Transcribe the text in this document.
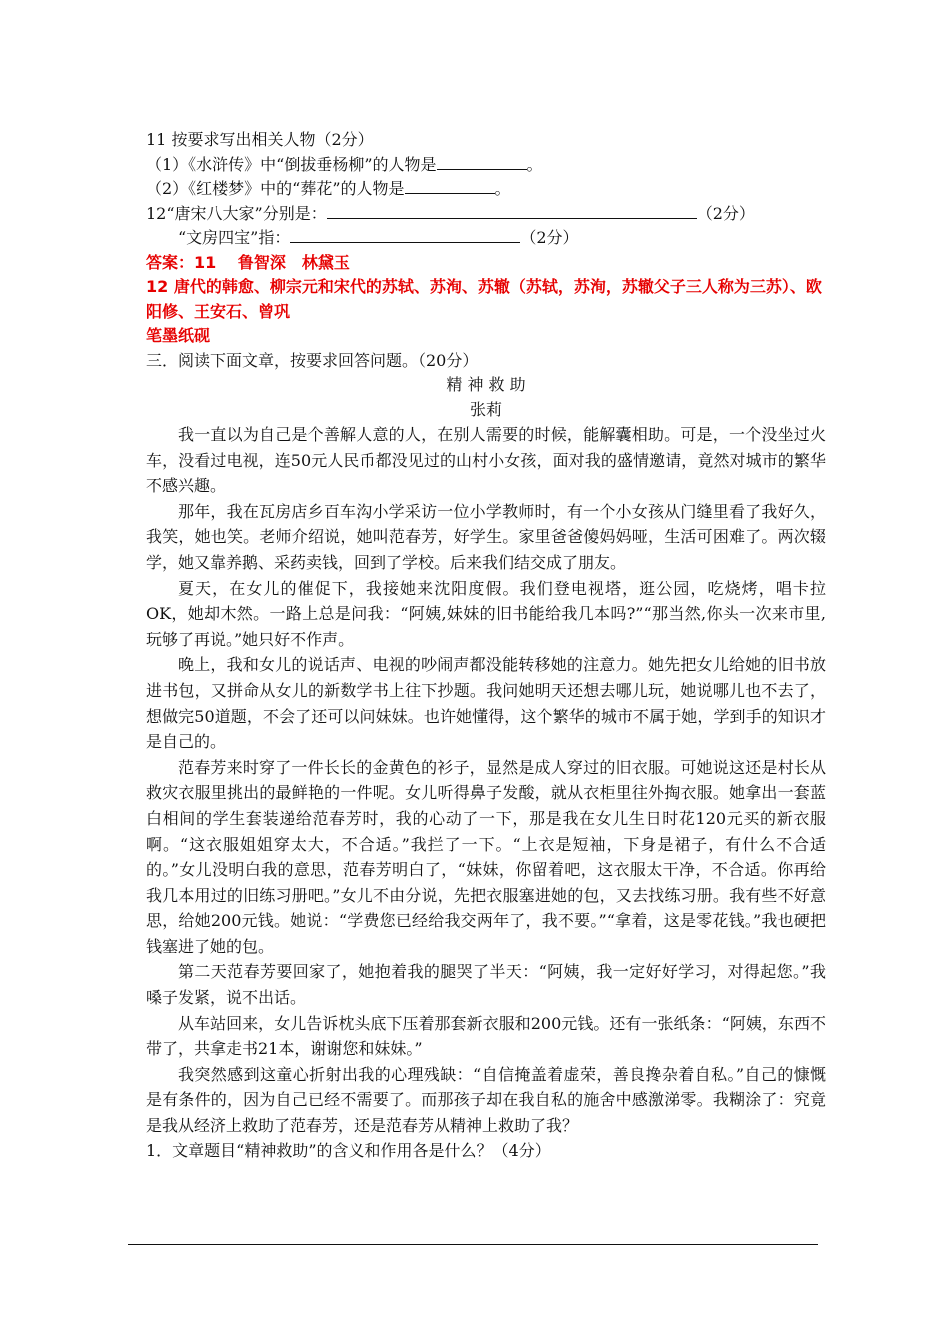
11 按要求写出相关人物（2分）
（1）《水浒传》中“倒拔垂杨柳”的人物是	。
（2）《红楼梦》中的“葬花”的人物是	。
12“唐宋八大家”分别是：	（2分）
“文房四宝”指：	（2分）
答案：11　 鲁智深　林黛玉
12 唐代的韩愈、柳宗元和宋代的苏轼、苏洵、苏辙（苏轼，苏洵，苏辙父子三人称为三苏）、欧阳修、王安石、曾巩
笔墨纸砚
三．阅读下面文章，按要求回答问题。（20分）
精 神 救 助
张莉
我一直以为自己是个善解人意的人，在别人需要的时候，能解囊相助。可是，一个没坐过火车，没看过电视，连50元人民币都没见过的山村小女孩，面对我的盛情邀请，竟然对城市的繁华不感兴趣。
那年，我在瓦房店乡百车沟小学采访一位小学教师时，有一个小女孩从门缝里看了我好久，我笑，她也笑。老师介绍说，她叫范春芳，好学生。家里爸爸傻妈妈哑，生活可困难了。两次辍学，她又靠养鹅、采药卖钱，回到了学校。后来我们结交成了朋友。
夏天，在女儿的催促下，我接她来沈阳度假。我们登电视塔，逛公园，吃烧烤，唱卡拉OK，她却木然。一路上总是问我：“阿姨,妹妹的旧书能给我几本吗?”“那当然,你头一次来市里,玩够了再说。”她只好不作声。
晚上，我和女儿的说话声、电视的吵闹声都没能转移她的注意力。她先把女儿给她的旧书放进书包，又拼命从女儿的新数学书上往下抄题。我问她明天还想去哪儿玩，她说哪儿也不去了，想做完50道题，不会了还可以问妹妹。也许她懂得，这个繁华的城市不属于她，学到手的知识才是自己的。
范春芳来时穿了一件长长的金黄色的衫子，显然是成人穿过的旧衣服。可她说这还是村长从救灾衣服里挑出的最鲜艳的一件呢。女儿听得鼻子发酸，就从衣柜里往外掏衣服。她拿出一套蓝白相间的学生套装递给范春芳时，我的心动了一下，那是我在女儿生日时花120元买的新衣服啊。“这衣服姐姐穿太大，不合适。”我拦了一下。“上衣是短袖，下身是裙子，有什么不合适的。”女儿没明白我的意思，范春芳明白了，“妹妹，你留着吧，这衣服太干净，不合适。你再给我几本用过的旧练习册吧。”女儿不由分说，先把衣服塞进她的包，又去找练习册。我有些不好意思，给她200元钱。她说：“学费您已经给我交两年了，我不要。”“拿着，这是零花钱。”我也硬把钱塞进了她的包。
第二天范春芳要回家了，她抱着我的腿哭了半天：“阿姨，我一定好好学习，对得起您。”我嗓子发紧，说不出话。
从车站回来，女儿告诉枕头底下压着那套新衣服和200元钱。还有一张纸条：“阿姨，东西不带了，共拿走书21本，谢谢您和妹妹。”
我突然感到这童心折射出我的心理残缺：“自信掩盖着虚荣，善良搀杂着自私。”自己的慷慨是有条件的，因为自己已经不需要了。而那孩子却在我自私的施舍中感激涕零。我糊涂了：究竟是我从经济上救助了范春芳，还是范春芳从精神上救助了我？
1．文章题目“精神救助”的含义和作用各是什么？（4分）
